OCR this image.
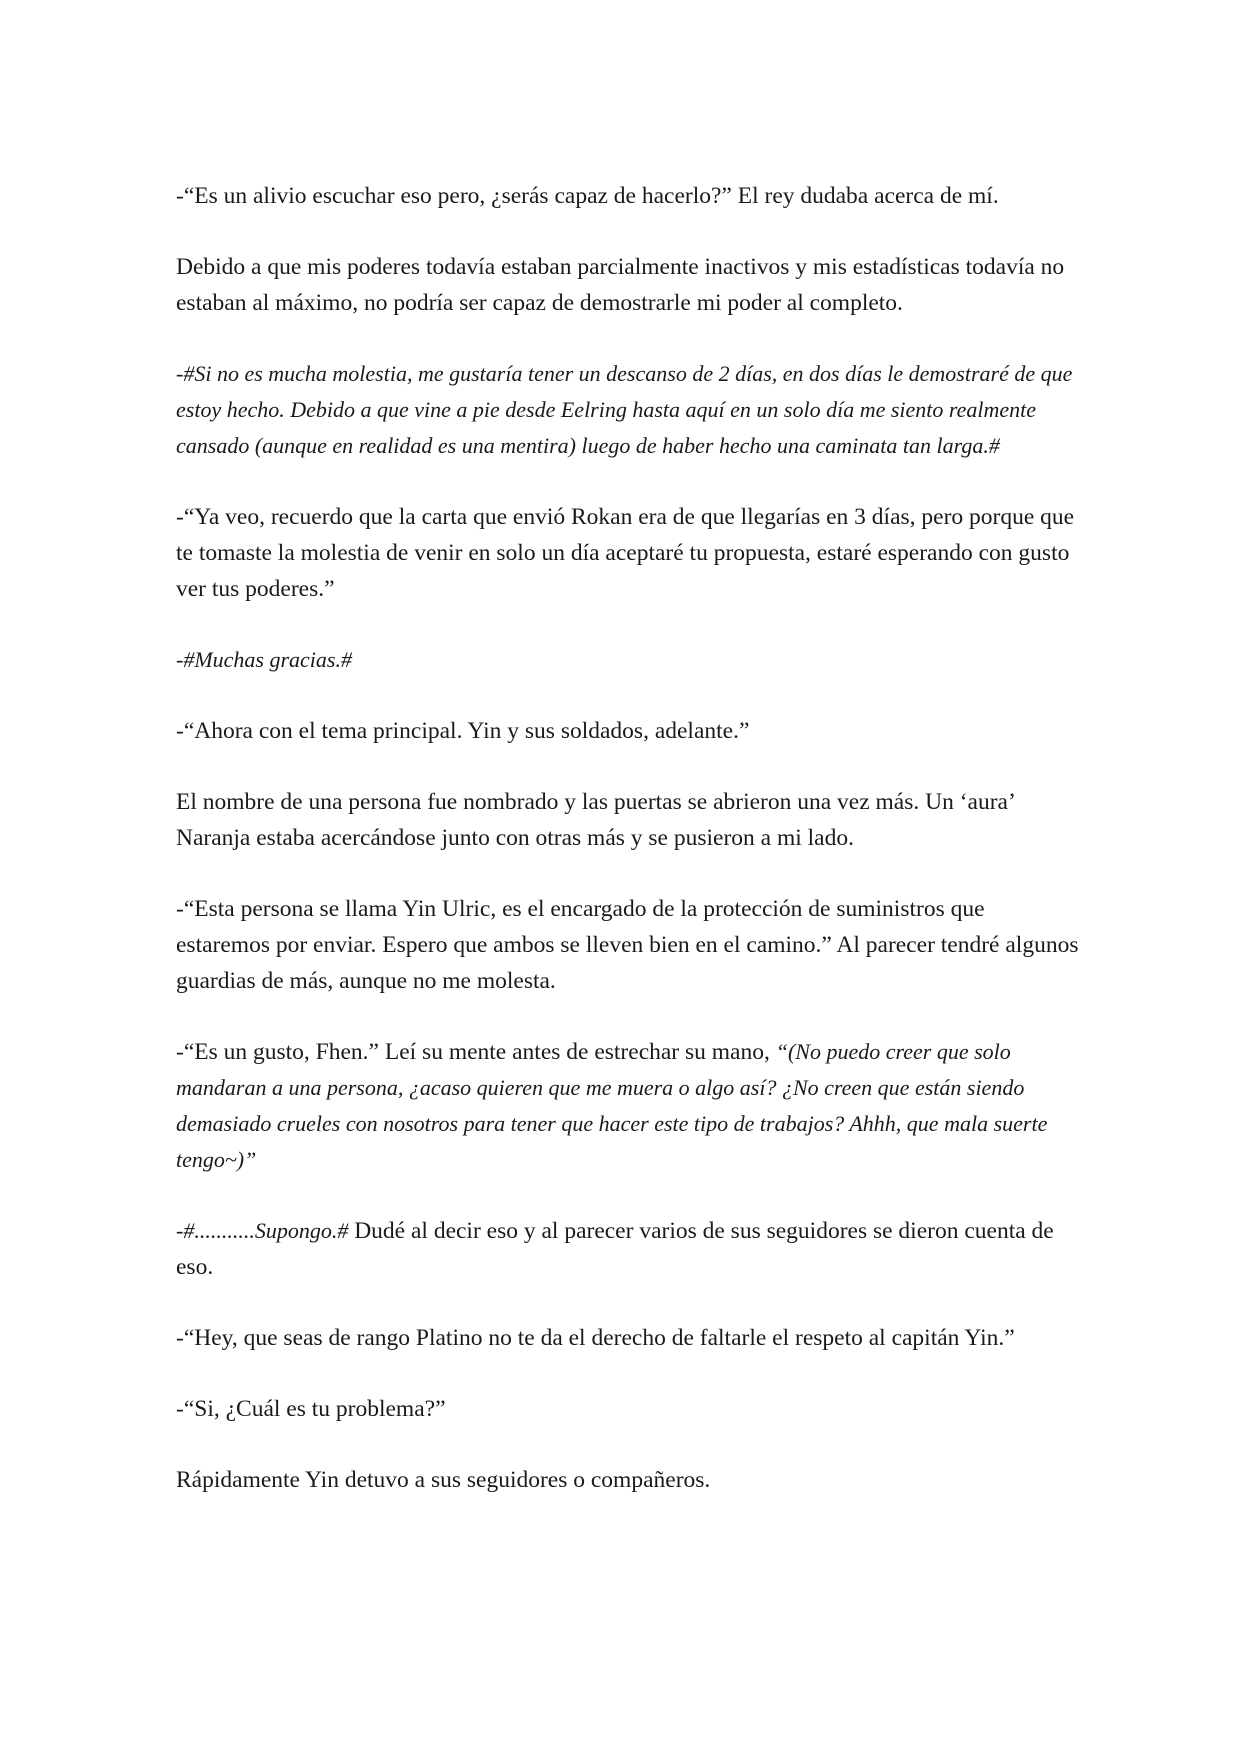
-“Es un alivio escuchar eso pero, ¿serás capaz de hacerlo?” El rey dudaba acerca de mí.

Debido a que mis poderes todavía estaban parcialmente inactivos y mis estadísticas todavía no estaban al máximo, no podría ser capaz de demostrarle mi poder al completo.

-#Si no es mucha molestia, me gustaría tener un descanso de 2 días, en dos días le demostraré de que estoy hecho. Debido a que vine a pie desde Eelring hasta aquí en un solo día me siento realmente cansado (aunque en realidad es una mentira) luego de haber hecho una caminata tan larga.#

-“Ya veo, recuerdo que la carta que envió Rokan era de que llegarías en 3 días, pero porque que te tomaste la molestia de venir en solo un día aceptaré tu propuesta, estaré esperando con gusto ver tus poderes.”

-#Muchas gracias.#

-“Ahora con el tema principal. Yin y sus soldados, adelante.”

El nombre de una persona fue nombrado y las puertas se abrieron una vez más. Un ‘aura’ Naranja estaba acercándose junto con otras más y se pusieron a mi lado.

-“Esta persona se llama Yin Ulric, es el encargado de la protección de suministros que estaremos por enviar. Espero que ambos se lleven bien en el camino.” Al parecer tendré algunos guardias de más, aunque no me molesta.

-“Es un gusto, Fhen.” Leí su mente antes de estrechar su mano, “(No puedo creer que solo mandaran a una persona, ¿acaso quieren que me muera o algo así? ¿No creen que están siendo demasiado crueles con nosotros para tener que hacer este tipo de trabajos? Ahhh, que mala suerte tengo~)”

-#...........Supongo.# Dudé al decir eso y al parecer varios de sus seguidores se dieron cuenta de eso.

-“Hey, que seas de rango Platino no te da el derecho de faltarle el respeto al capitán Yin.”

-“Si, ¿Cuál es tu problema?”

Rápidamente Yin detuvo a sus seguidores o compañeros.
